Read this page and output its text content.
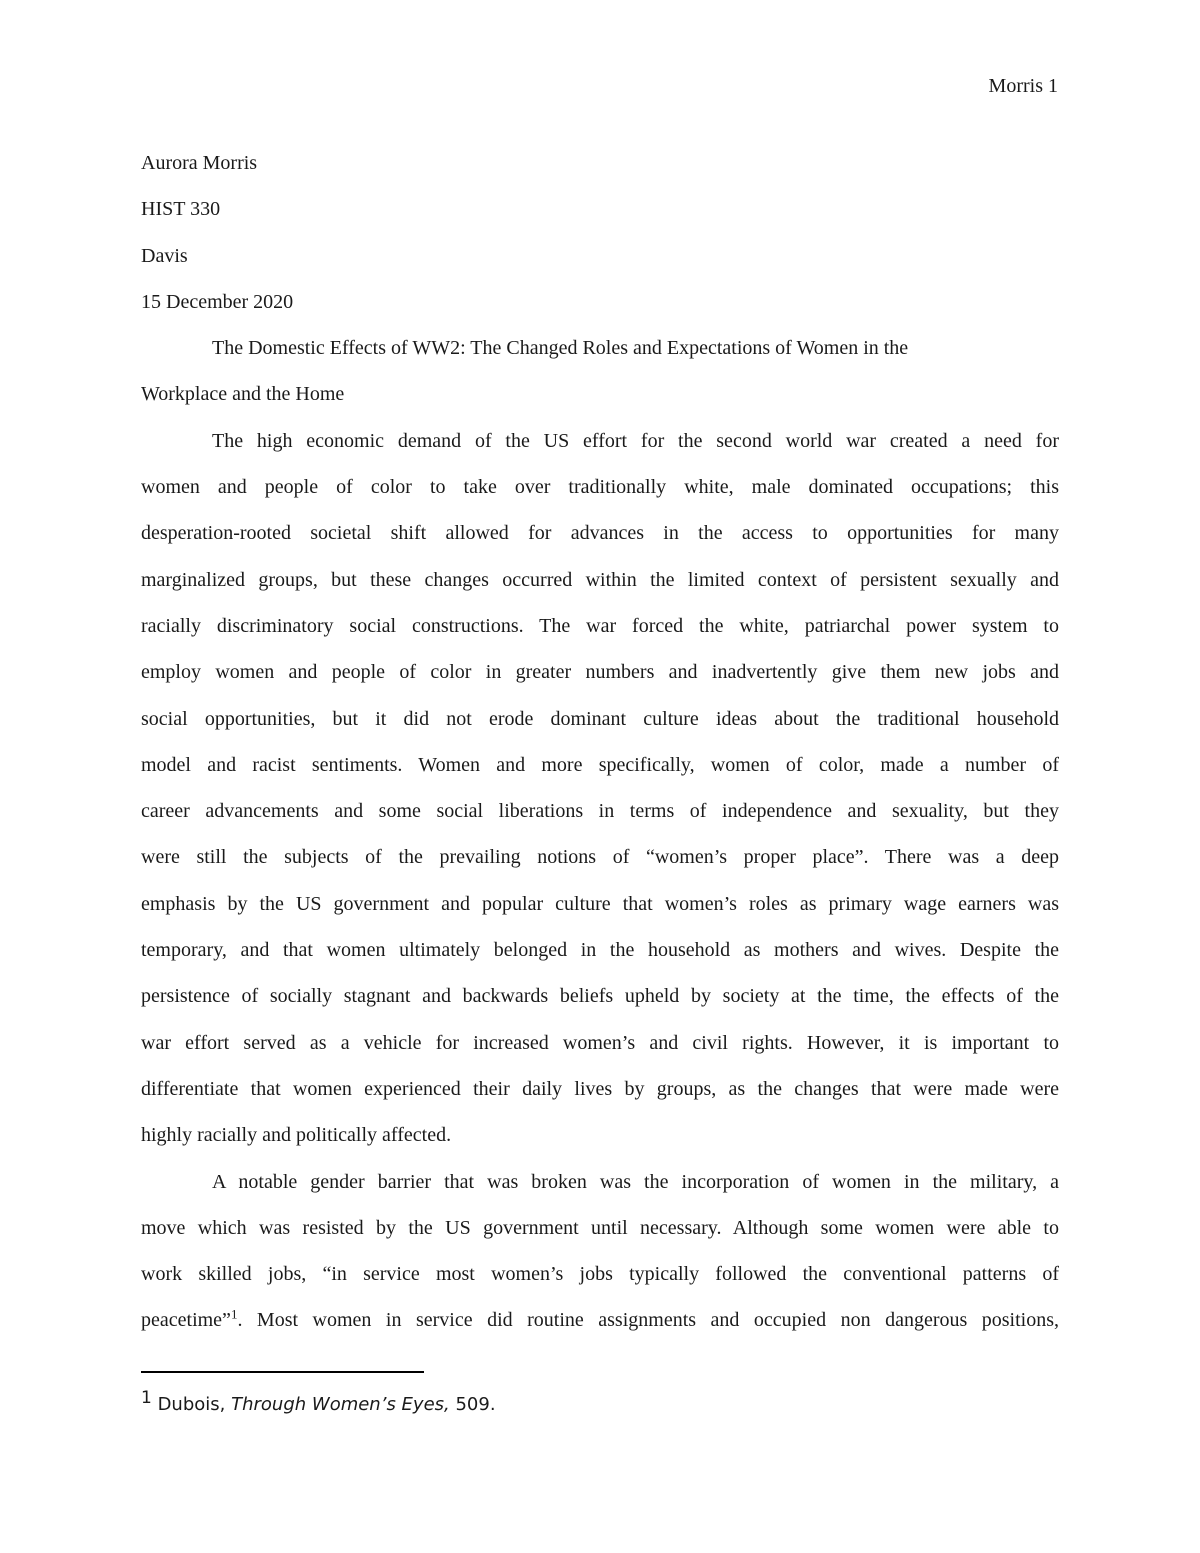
Morris 1
Aurora Morris
HIST 330
Davis
15 December 2020
The Domestic Effects of WW2: The Changed Roles and Expectations of Women in the
Workplace and the Home
The high economic demand of the US effort for the second world war created a need for
women and people of color to take over traditionally white, male dominated occupations; this
desperation-rooted societal shift allowed for advances in the access to opportunities for many
marginalized groups, but these changes occurred within the limited context of persistent sexually and
racially discriminatory social constructions. The war forced the white, patriarchal power system to
employ women and people of color in greater numbers and inadvertently give them new jobs and
social opportunities, but it did not erode dominant culture ideas about the traditional household
model and racist sentiments. Women and more specifically, women of color, made a number of
career advancements and some social liberations in terms of independence and sexuality, but they
were still the subjects of the prevailing notions of “women’s proper place”. There was a deep
emphasis by the US government and popular culture that women’s roles as primary wage earners was
temporary, and that women ultimately belonged in the household as mothers and wives. Despite the
persistence of socially stagnant and backwards beliefs upheld by society at the time, the effects of the
war effort served as a vehicle for increased women’s and civil rights. However, it is important to
differentiate that women experienced their daily lives by groups, as the changes that were made were
highly racially and politically affected.
A notable gender barrier that was broken was the incorporation of women in the military, a
move which was resisted by the US government until necessary. Although some women were able to
work skilled jobs, “in service most women’s jobs typically followed the conventional patterns of
peacetime”$^1$. Most women in service did routine assignments and occupied non dangerous positions,
$^1$ Dubois, Through Women’s Eyes, 509.
